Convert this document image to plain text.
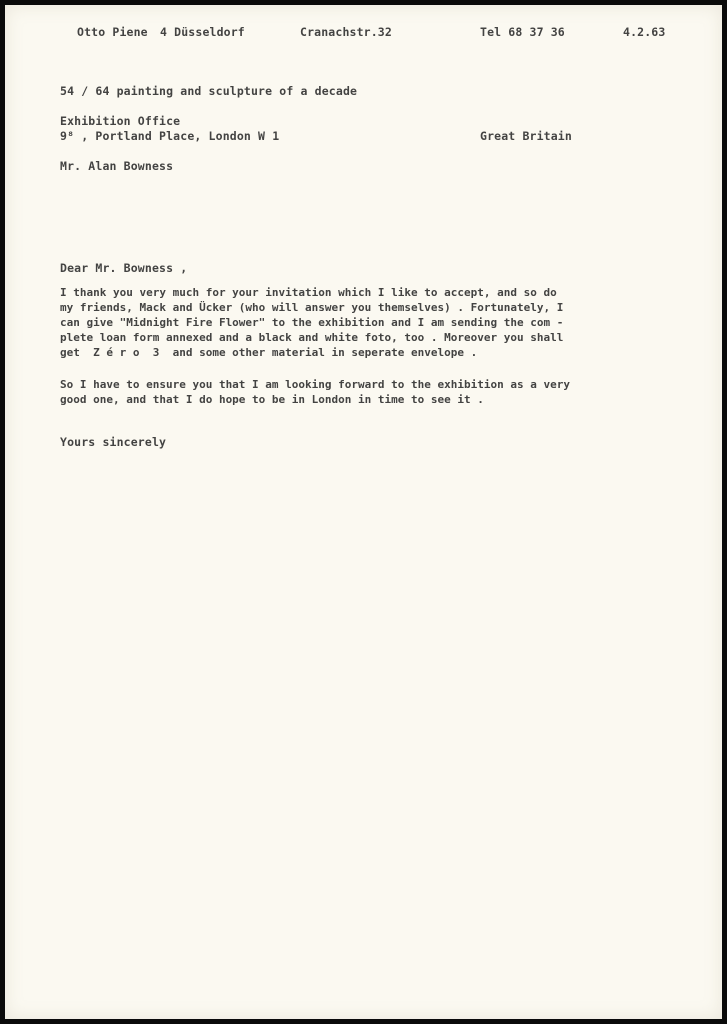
Otto Piene 4 Düsseldorf	Cranachstr.32	Tel 68 37 36	4.2.63
54 / 64 painting and sculpture of a decade
Exhibition Office
9⁸ , Portland Place, London W 1	Great Britain
Mr. Alan Bowness
Dear Mr. Bowness ,
I thank you very much for your invitation which I like to accept, and so do
my friends, Mack and Ücker (who will answer you themselves) . Fortunately, I
can give "Midnight Fire Flower" to the exhibition and I am sending the com -
plete loan form annexed and a black and white foto, too . Moreover you shall
get  Z é r o  3  and some other material in seperate envelope .
So I have to ensure you that I am looking forward to the exhibition as a very
good one, and that I do hope to be in London in time to see it .
Yours sincerely
